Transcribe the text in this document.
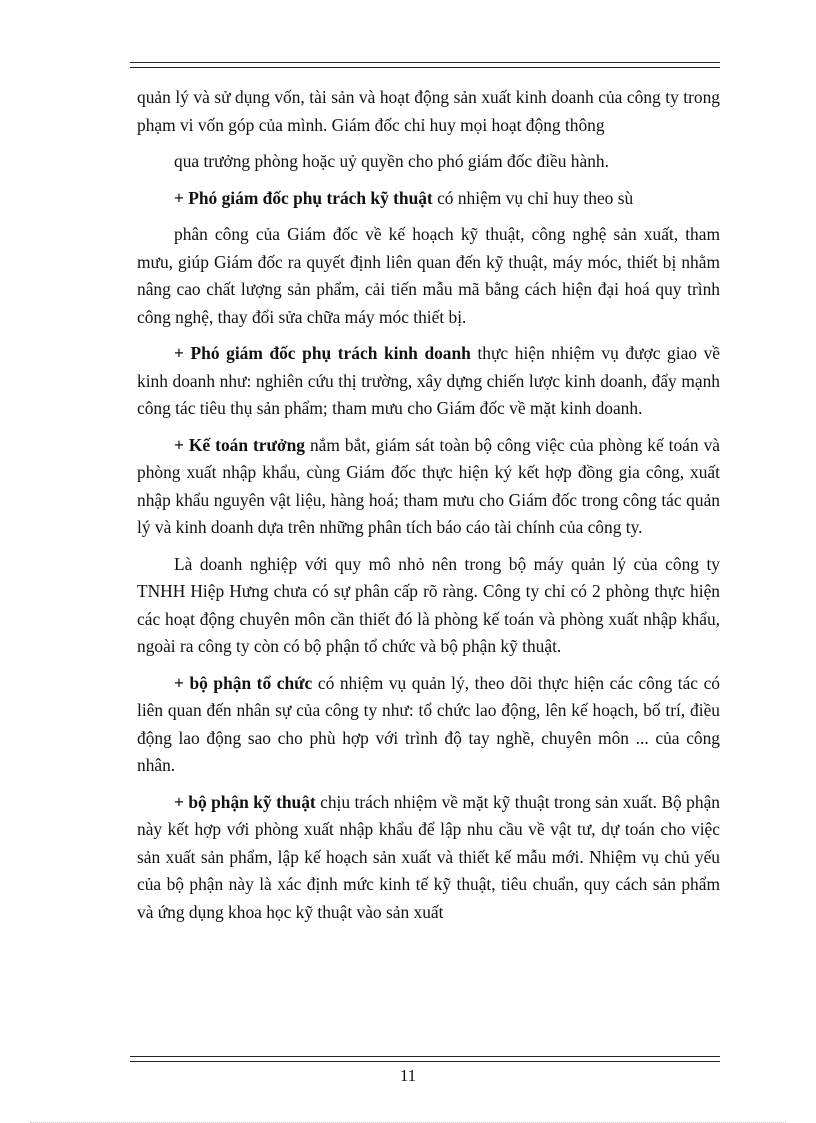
quản lý và sử dụng vốn, tài sản và hoạt động sản xuất kinh doanh của công ty trong phạm vi vốn góp của mình. Giám đốc chỉ huy mọi hoạt động thông

qua trưởng phòng hoặc uỷ quyền cho phó giám đốc điều hành.

+ Phó giám đốc phụ trách kỹ thuật có nhiệm vụ chỉ huy theo sù

phân công của Giám đốc về kế hoạch kỹ thuật, công nghệ sản xuất, tham mưu, giúp Giám đốc ra quyết định liên quan đến kỹ thuật, máy móc, thiết bị nhằm nâng cao chất lượng sản phẩm, cải tiến mẫu mã bằng cách hiện đại hoá quy trình công nghệ, thay đổi sửa chữa máy móc thiết bị.

+ Phó giám đốc phụ trách kinh doanh thực hiện nhiệm vụ được giao về kinh doanh như: nghiên cứu thị trường, xây dựng chiến lược kinh doanh, đẩy mạnh công tác tiêu thụ sản phẩm; tham mưu cho Giám đốc về mặt kinh doanh.

+ Kế toán trưởng nắm bắt, giám sát toàn bộ công việc của phòng kế toán và phòng xuất nhập khẩu, cùng Giám đốc thực hiện ký kết hợp đồng gia công, xuất nhập khẩu nguyên vật liệu, hàng hoá; tham mưu cho Giám đốc trong công tác quản lý và kinh doanh dựa trên những phân tích báo cáo tài chính của công ty.

Là doanh nghiệp với quy mô nhỏ nên trong bộ máy quản lý của công ty TNHH Hiệp Hưng chưa có sự phân cấp rõ ràng. Công ty chỉ có 2 phòng thực hiện các hoạt động chuyên môn cần thiết đó là phòng kế toán và phòng xuất nhập khẩu, ngoài ra công ty còn có bộ phận tổ chức và bộ phận kỹ thuật.

+ bộ phận tổ chức có nhiệm vụ quản lý, theo dõi thực hiện các công tác có liên quan đến nhân sự của công ty như: tổ chức lao động, lên kế hoạch, bố trí, điều động lao động sao cho phù hợp với trình độ tay nghề, chuyên môn ... của công nhân.

+ bộ phận kỹ thuật chịu trách nhiệm về mặt kỹ thuật trong sản xuất. Bộ phận này kết hợp với phòng xuất nhập khẩu để lập nhu cầu về vật tư, dự toán cho việc sản xuất sản phẩm, lập kế hoạch sản xuất và thiết kế mẫu mới. Nhiệm vụ chủ yếu của bộ phận này là xác định mức kinh tế kỹ thuật, tiêu chuẩn, quy cách sản phẩm và ứng dụng khoa học kỹ thuật vào sản xuất

11
